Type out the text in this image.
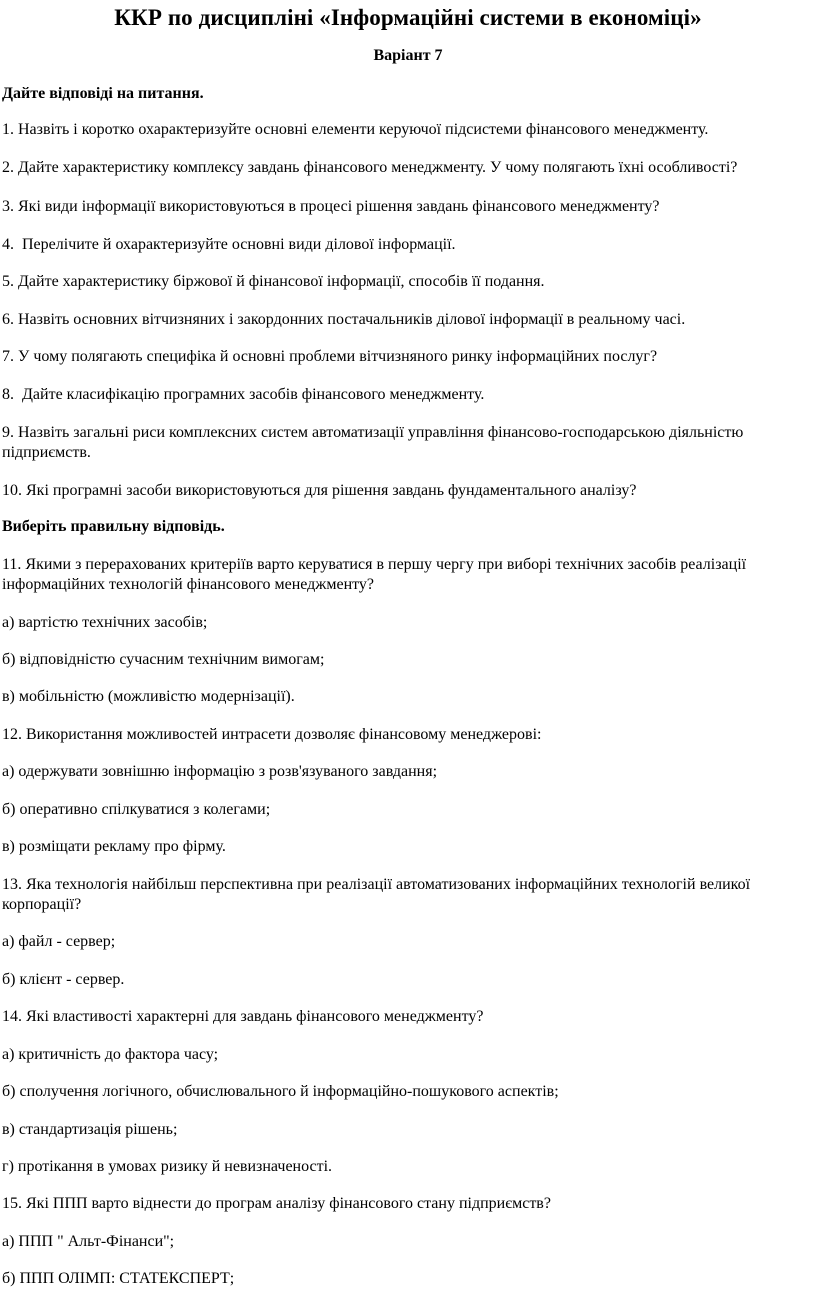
ККР по дисципліні «Інформаційні системи в економіці»
Варіант 7
Дайте відповіді на питання.
1. Назвіть і коротко охарактеризуйте основні елементи керуючої підсистеми фінансового менеджменту.
2. Дайте характеристику комплексу завдань фінансового менеджменту. У чому полягають їхні особливості?
3. Які види інформації використовуються в процесі рішення завдань фінансового менеджменту?
4.  Перелічите й охарактеризуйте основні види ділової інформації.
5. Дайте характеристику біржової й фінансової інформації, способів її подання.
6. Назвіть основних вітчизняних і закордонних постачальників ділової інформації в реальному часі.
7. У чому полягають специфіка й основні проблеми вітчизняного ринку інформаційних послуг?
8.  Дайте класифікацію програмних засобів фінансового менеджменту.
9. Назвіть загальні риси комплексних систем автоматизації управління фінансово-господарською діяльністю
підприємств.
10. Які програмні засоби використовуються для рішення завдань фундаментального аналізу?
Виберіть правильну відповідь.
11. Якими з перерахованих критеріїв варто керуватися в першу чергу при виборі технічних засобів реалізації
інформаційних технологій фінансового менеджменту?
а) вартістю технічних засобів;
б) відповідністю сучасним технічним вимогам;
в) мобільністю (можливістю модернізації).
12. Використання можливостей интрасети дозволяє фінансовому менеджерові:
а) одержувати зовнішню інформацію з розв'язуваного завдання;
б) оперативно спілкуватися з колегами;
в) розміщати рекламу про фірму.
13. Яка технологія найбільш перспективна при реалізації автоматизованих інформаційних технологій великої
корпорації?
а) файл - сервер;
б) клієнт - сервер.
14. Які властивості характерні для завдань фінансового менеджменту?
а) критичність до фактора часу;
б) сполучення логічного, обчислювального й інформаційно-пошукового аспектів;
в) стандартизація рішень;
г) протікання в умовах ризику й невизначеності.
15. Які ППП варто віднести до програм аналізу фінансового стану підприємств?
а) ППП " Альт-Фінанси";
б) ППП ОЛІМП: СТАТЕКСПЕРТ;
